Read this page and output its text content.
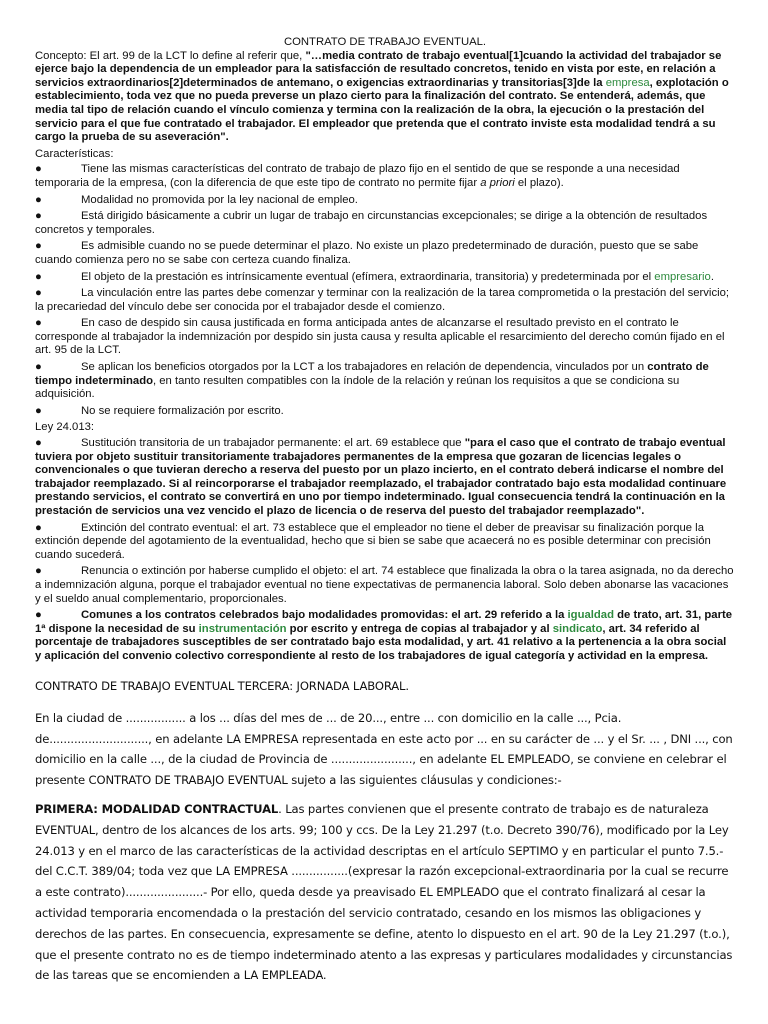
CONTRATO DE TRABAJO EVENTUAL.

Concepto: El art. 99 de la LCT lo define al referir que, "…media contrato de trabajo eventual[1]cuando la actividad del trabajador se ejerce bajo la dependencia de un empleador para la satisfacción de resultado concretos, tenido en vista por este, en relación a servicios extraordinarios[2]determinados de antemano, o exigencias extraordinarias y transitorias[3]de la empresa, explotación o establecimiento, toda vez que no pueda preverse un plazo cierto para la finalización del contrato. Se entenderá, además, que media tal tipo de relación cuando el vínculo comienza y termina con la realización de la obra, la ejecución o la prestación del servicio para el que fue contratado el trabajador. El empleador que pretenda que el contrato inviste esta modalidad tendrá a su cargo la prueba de su aseveración".

Características:

●	Tiene las mismas características del contrato de trabajo de plazo fijo en el sentido de que se responde a una necesidad temporaria de la empresa, (con la diferencia de que este tipo de contrato no permite fijar a priori el plazo).

●	Modalidad no promovida por la ley nacional de empleo.

●	Está dirigido básicamente a cubrir un lugar de trabajo en circunstancias excepcionales; se dirige a la obtención de resultados concretos y temporales.

●	Es admisible cuando no se puede determinar el plazo. No existe un plazo predeterminado de duración, puesto que se sabe cuando comienza pero no se sabe con certeza cuando finaliza.

●	El objeto de la prestación es intrínsicamente eventual (efímera, extraordinaria, transitoria) y predeterminada por el empresario.

●	La vinculación entre las partes debe comenzar y terminar con la realización de la tarea comprometida o la prestación del servicio; la precariedad del vínculo debe ser conocida por el trabajador desde el comienzo.

●	En caso de despido sin causa justificada en forma anticipada antes de alcanzarse el resultado previsto en el contrato le corresponde al trabajador la indemnización por despido sin justa causa y resulta aplicable el resarcimiento del derecho común fijado en el art. 95 de la LCT.

●	Se aplican los beneficios otorgados por la LCT a los trabajadores en relación de dependencia, vinculados por un contrato de tiempo indeterminado, en tanto resulten compatibles con la índole de la relación y reúnan los requisitos a que se condiciona su adquisición.

●	No se requiere formalización por escrito.

Ley 24.013:

●	Sustitución transitoria de un trabajador permanente: el art. 69 establece que "para el caso que el contrato de trabajo eventual tuviera por objeto sustituir transitoriamente trabajadores permanentes de la empresa que gozaran de licencias legales o convencionales o que tuvieran derecho a reserva del puesto por un plazo incierto, en el contrato deberá indicarse el nombre del trabajador reemplazado. Si al reincorporarse el trabajador reemplazado, el trabajador contratado bajo esta modalidad continuare prestando servicios, el contrato se convertirá en uno por tiempo indeterminado. Igual consecuencia tendrá la continuación en la prestación de servicios una vez vencido el plazo de licencia o de reserva del puesto del trabajador reemplazado".

●	Extinción del contrato eventual: el art. 73 establece que el empleador no tiene el deber de preavisar su finalización porque la extinción depende del agotamiento de la eventualidad, hecho que si bien se sabe que acaecerá no es posible determinar con precisión cuando sucederá.

●	Renuncia o extinción por haberse cumplido el objeto: el art. 74 establece que finalizada la obra o la tarea asignada, no da derecho a indemnización alguna, porque el trabajador eventual no tiene expectativas de permanencia laboral. Solo deben abonarse las vacaciones y el sueldo anual complementario, proporcionales.

●	Comunes a los contratos celebrados bajo modalidades promovidas: el art. 29 referido a la igualdad de trato, art. 31, parte 1ª dispone la necesidad de su instrumentación por escrito y entrega de copias al trabajador y al sindicato, art. 34 referido al porcentaje de trabajadores susceptibles de ser contratado bajo esta modalidad, y art. 41 relativo a la pertenencia a la obra social y aplicación del convenio colectivo correspondiente al resto de los trabajadores de igual categoría y actividad en la empresa.

CONTRATO DE TRABAJO EVENTUAL TERCERA: JORNADA LABORAL.

En la ciudad de ................. a los ... días del mes de ... de 20..., entre ... con domicilio en la calle ..., Pcia. de............................, en adelante LA EMPRESA representada en este acto por ... en su carácter de ... y el Sr. ... , DNI ..., con domicilio en la calle ..., de la ciudad de Provincia de ......................., en adelante EL EMPLEADO, se conviene en celebrar el presente CONTRATO DE TRABAJO EVENTUAL sujeto a las siguientes cláusulas y condiciones:-

PRIMERA: MODALIDAD CONTRACTUAL. Las partes convienen que el presente contrato de trabajo es de naturaleza EVENTUAL, dentro de los alcances de los arts. 99; 100 y ccs. De la Ley 21.297 (t.o. Decreto 390/76), modificado por la Ley 24.013 y en el marco de las características de la actividad descriptas en el artículo SEPTIMO y en particular el punto 7.5.- del C.C.T. 389/04; toda vez que LA EMPRESA ................(expresar la razón excepcional-extraordinaria por la cual se recurre a este contrato)......................- Por ello, queda desde ya preavisado EL EMPLEADO que el contrato finalizará al cesar la actividad temporaria encomendada o la prestación del servicio contratado, cesando en los mismos las obligaciones y derechos de las partes. En consecuencia, expresamente se define, atento lo dispuesto en el art. 90 de la Ley 21.297 (t.o.), que el presente contrato no es de tiempo indeterminado atento a las expresas y particulares modalidades y circunstancias de las tareas que se encomienden a LA EMPLEADA.
